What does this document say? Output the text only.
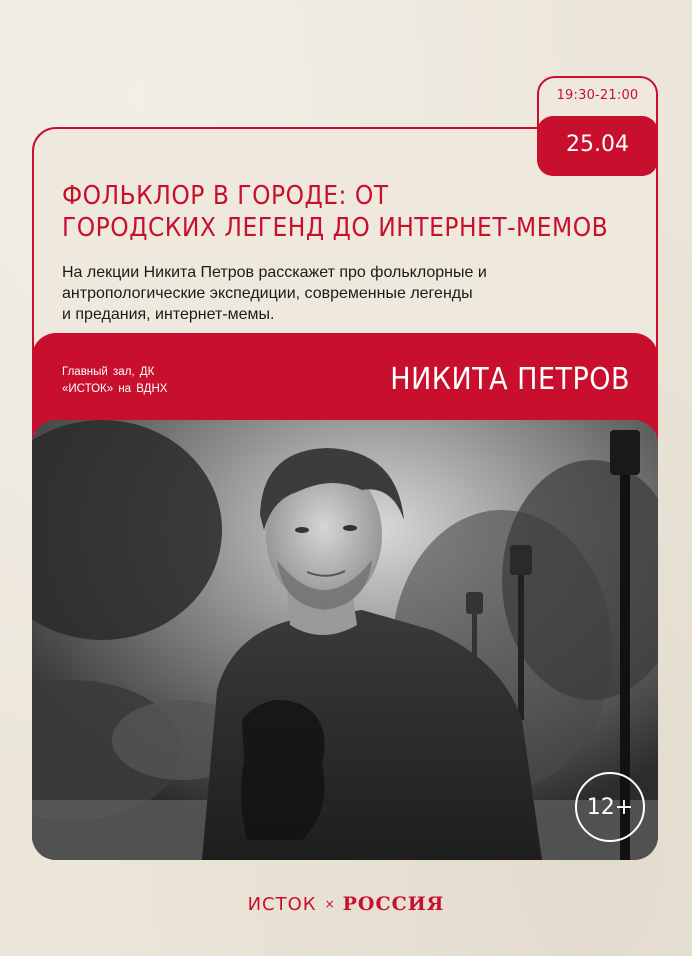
19:30-21:00
25.04
ФОЛЬКЛОР В ГОРОДЕ: ОТ
ГОРОДСКИХ ЛЕГЕНД ДО ИНТЕРНЕТ-МЕМОВ

На лекции Никита Петров расскажет про фольклорные и
антропологические экспедиции, современные легенды
и предания, интернет-мемы.

Главный зал, ДК
«ИСТОК» на ВДНХ	НИКИТА ПЕТРОВ
12+
ИСТОК × РОССИЯ
